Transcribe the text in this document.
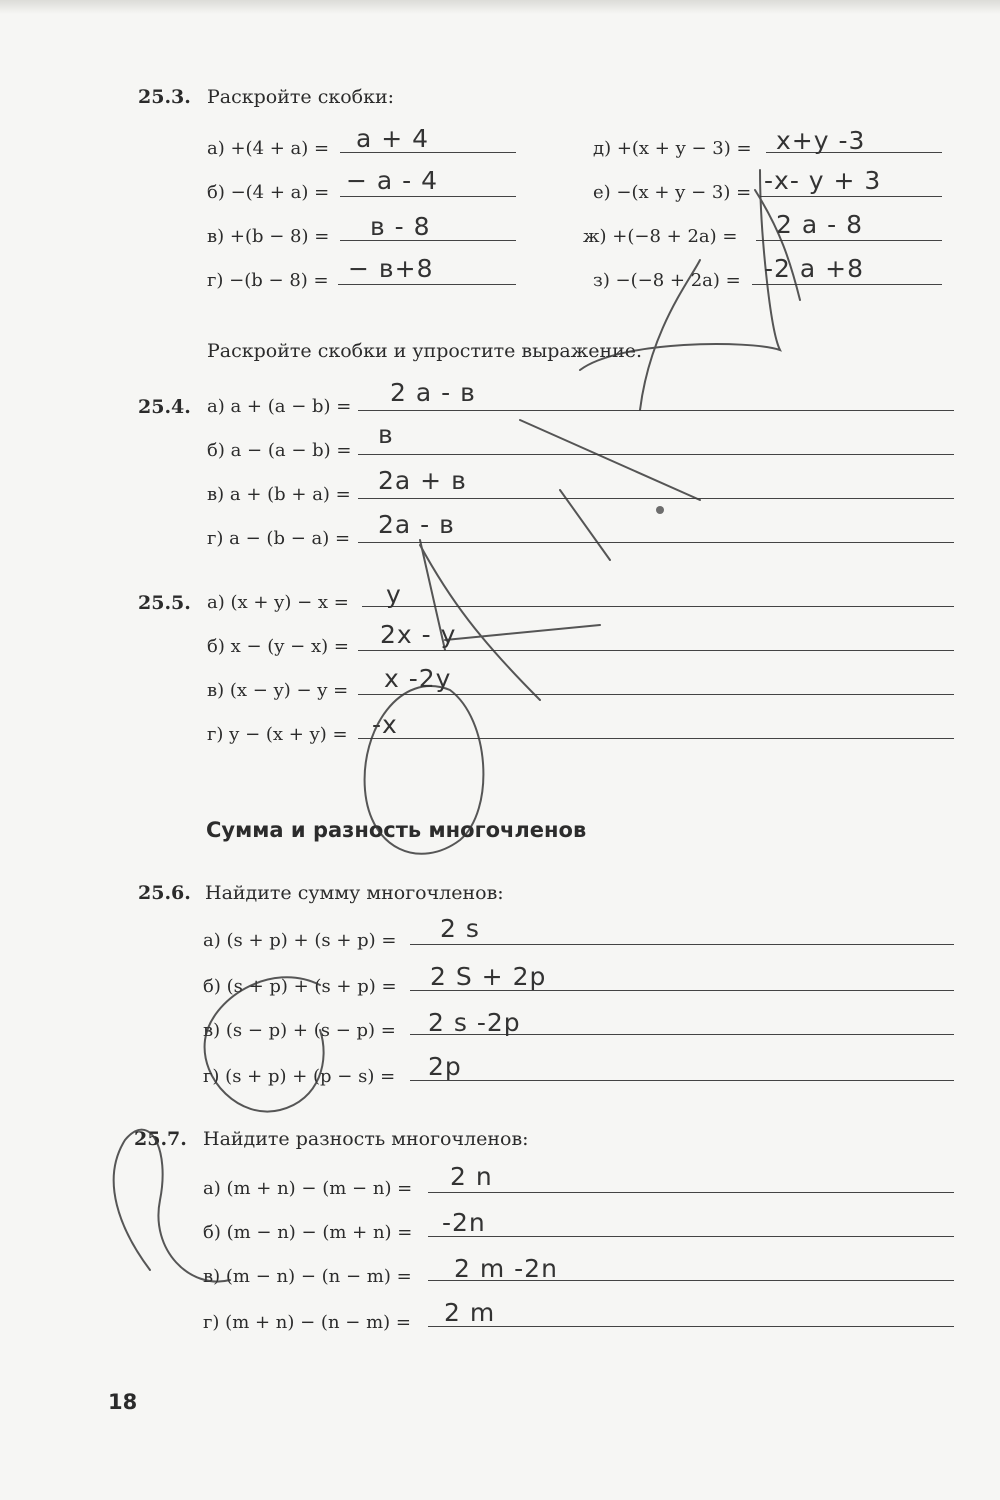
25.3. Раскройте скобки:
а) +(4 + a) = a + 4
б) −(4 + a) = − a - 4
в) +(b − 8) = в - 8
г) −(b − 8) = − в+8
д) +(x + y − 3) = x+y -3
е) −(x + y − 3) = -x- y + 3
ж) +(−8 + 2a) = 2 a - 8
з) −(−8 + 2a) = -2 a +8
Раскройте скобки и упростите выражение.
25.4. а) a + (a − b) = 2 a - в
б) a − (a − b) =
в
в) a + (b + a) = 2a + в
г) a − (b − a) = 2a - в
25.5. а) (x + y) − x = y
б) x − (y − x) = 2x - y
в) (x − y) − y = x -2y
г) y − (x + y) = -x
Сумма и разность многочленов
25.6. Найдите сумму многочленов:
а) (s + p) + (s + p) = 2 s
б) (s + p) + (s + p) = 2 S + 2p
в) (s − p) + (s − p) = 2 s -2p
г) (s + p) + (p − s) = 2p
25.7. Найдите разность многочленов:
а) (m + n) − (m − n) = 2 n
б) (m − n) − (m + n) = -2n
в) (m − n) − (n − m) = 2 m -2n
г) (m + n) − (n − m) = 2 m
18
